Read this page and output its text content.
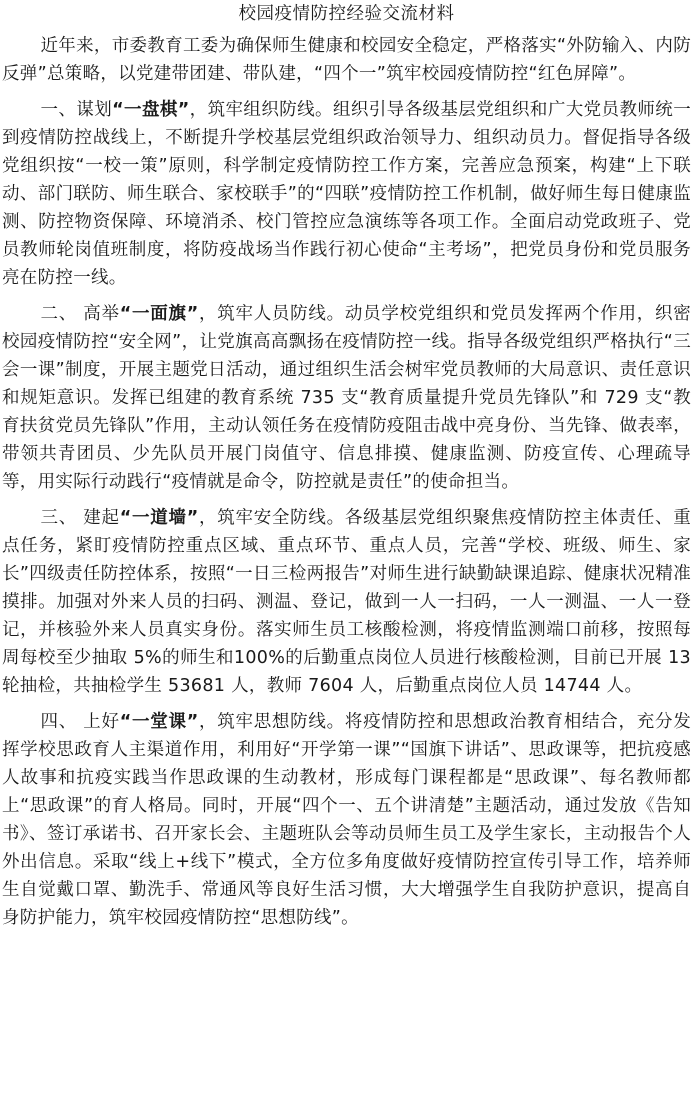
校园疫情防控经验交流材料

近年来，市委教育工委为确保师生健康和校园安全稳定，严格落实“外防输入、内防反弹”总策略，以党建带团建、带队建，“四个一”筑牢校园疫情防控“红色屏障”。

一、谋划“一盘棋”，筑牢组织防线。组织引导各级基层党组织和广大党员教师统一到疫情防控战线上，不断提升学校基层党组织政治领导力、组织动员力。督促指导各级党组织按“一校一策”原则，科学制定疫情防控工作方案，完善应急预案，构建“上下联动、部门联防、师生联合、家校联手”的“四联”疫情防控工作机制，做好师生每日健康监测、防控物资保障、环境消杀、校门管控应急演练等各项工作。全面启动党政班子、党员教师轮岗值班制度，将防疫战场当作践行初心使命“主考场”，把党员身份和党员服务亮在防控一线。

二、 高举“一面旗”，筑牢人员防线。动员学校党组织和党员发挥两个作用，织密校园疫情防控“安全网”，让党旗高高飘扬在疫情防控一线。指导各级党组织严格执行“三会一课”制度，开展主题党日活动，通过组织生活会树牢党员教师的大局意识、责任意识和规矩意识。发挥已组建的教育系统 735 支“教育质量提升党员先锋队”和 729 支“教育扶贫党员先锋队”作用，主动认领任务在疫情防疫阻击战中亮身份、当先锋、做表率，带领共青团员、少先队员开展门岗值守、信息排摸、健康监测、防疫宣传、心理疏导等，用实际行动践行“疫情就是命令，防控就是责任”的使命担当。

三、 建起“一道墙”，筑牢安全防线。各级基层党组织聚焦疫情防控主体责任、重点任务，紧盯疫情防控重点区域、重点环节、重点人员，完善“学校、班级、师生、家长”四级责任防控体系，按照“一日三检两报告”对师生进行缺勤缺课追踪、健康状况精准摸排。加强对外来人员的扫码、测温、登记，做到一人一扫码，一人一测温、一人一登记，并核验外来人员真实身份。落实师生员工核酸检测，将疫情监测端口前移，按照每周每校至少抽取 5%的师生和100%的后勤重点岗位人员进行核酸检测，目前已开展 13 轮抽检，共抽检学生 53681 人，教师 7604 人，后勤重点岗位人员 14744 人。

四、 上好“一堂课”，筑牢思想防线。将疫情防控和思想政治教育相结合，充分发挥学校思政育人主渠道作用，利用好“开学第一课”“国旗下讲话”、思政课等，把抗疫感人故事和抗疫实践当作思政课的生动教材，形成每门课程都是“思政课”、每名教师都上“思政课”的育人格局。同时，开展“四个一、五个讲清楚”主题活动，通过发放《告知书》、签订承诺书、召开家长会、主题班队会等动员师生员工及学生家长，主动报告个人外出信息。采取“线上+线下”模式，全方位多角度做好疫情防控宣传引导工作，培养师生自觉戴口罩、勤洗手、常通风等良好生活习惯，大大增强学生自我防护意识，提高自身防护能力，筑牢校园疫情防控“思想防线”。
